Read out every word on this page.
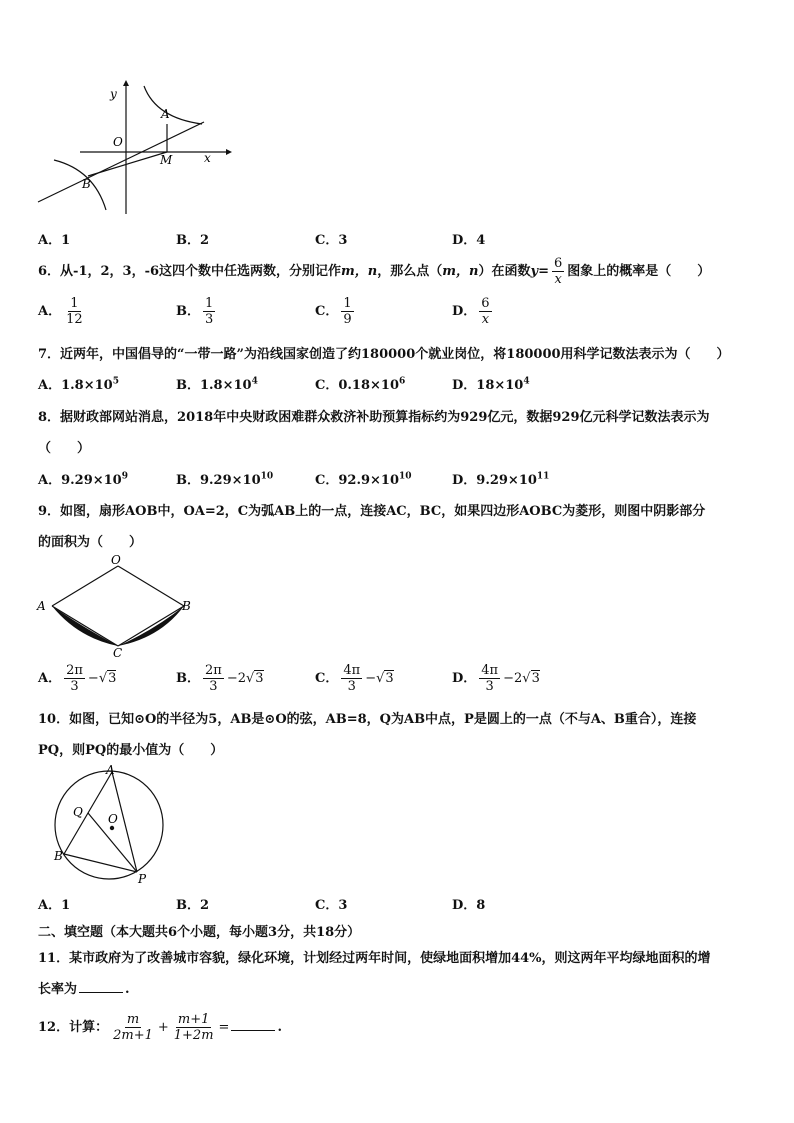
y
x
O
A
M
B
A．1	B．2	C．3	D．4
6．从-1，2，3，-6这四个数中任选两数，分别记作m，n，那么点（m，n）在函数$y= \frac{6}{x}$ 图象上的概率是（　　）
A． $\frac{1}{12}$	B． $\frac{1}{3}$	C． $\frac{1}{9}$	D． $\frac{6}{x}$
7．近两年，中国倡导的“一带一路”为沿线国家创造了约180000个就业岗位，将180000用科学记数法表示为（　　）
A．$1.8\times 10^5$	B．$1.8\times 10^4$	C．$0.18\times 10^6$	D．$18\times 10^4$
8．据财政部网站消息，2018年中央财政困难群众救济补助预算指标约为929亿元，数据929亿元科学记数法表示为
（　　）
A．$9.29\times 10^9$	B．$9.29\times 10^{10}$	C．$92.9\times 10^{10}$	D．$9.29\times 10^{11}$
9．如图，扇形AOB中，OA=2，C为弧AB上的一点，连接AC，BC，如果四边形AOBC为菱形，则图中阴影部分
的面积为（　　）
O
A	B
C
A． $\frac{2\pi}{3} -√3$	B． $\frac{2\pi}{3} -2√3$	C． $\frac{4\pi}{3} -√3$	D． $\frac{4\pi}{3} -2√3$
10．如图，已知⊙O的半径为5，AB是⊙O的弦，AB=8，Q为AB中点，P是圆上的一点（不与A、B重合），连接
PQ，则PQ的最小值为（　　）
A
Q O
B
P
A．1	B．2	C．3	D．8
二、填空题（本大题共6个小题，每小题3分，共18分）
11．某市政府为了改善城市容貌，绿化环境，计划经过两年时间，使绿地面积增加44%，则这两年平均绿地面积的增
长率为	.
12．计算： $\frac{m}{2m+1} + \frac{m+1}{1+2m}$ =	.
